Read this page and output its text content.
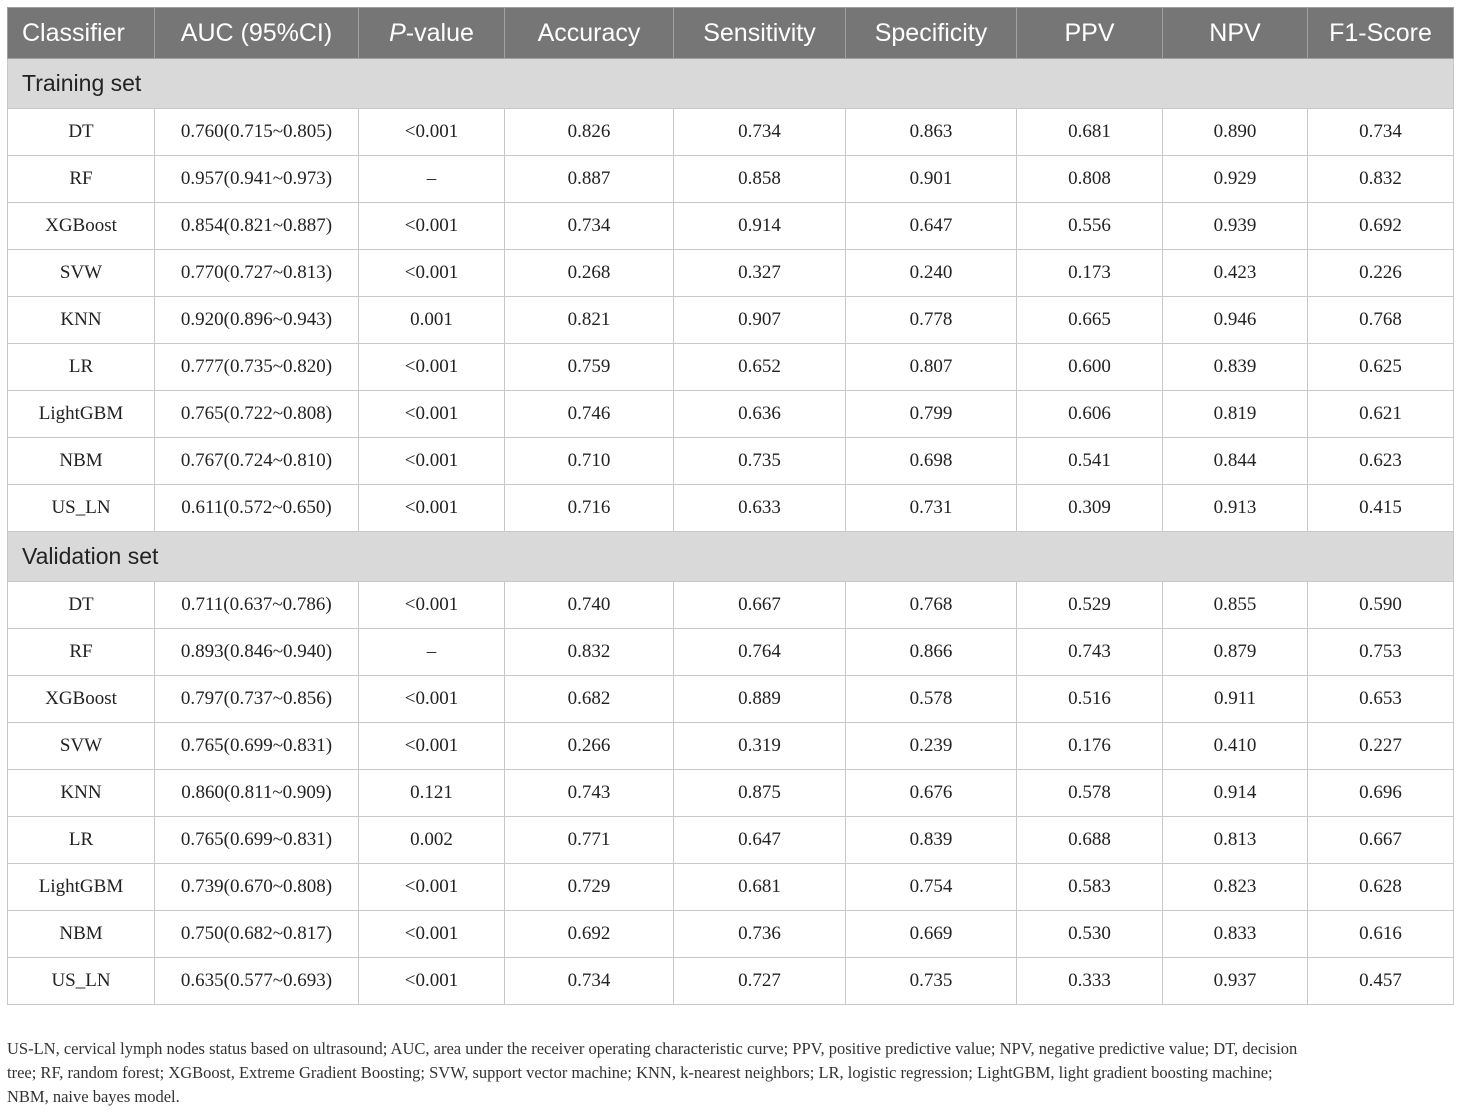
Classifier	AUC (95%CI)	P-value	Accuracy	Sensitivity	Specificity	PPV	NPV	F1-Score
Training set								
DT	0.760(0.715~0.805)	<0.001	0.826	0.734	0.863	0.681	0.890	0.734
RF	0.957(0.941~0.973)	–	0.887	0.858	0.901	0.808	0.929	0.832
XGBoost	0.854(0.821~0.887)	<0.001	0.734	0.914	0.647	0.556	0.939	0.692
SVW	0.770(0.727~0.813)	<0.001	0.268	0.327	0.240	0.173	0.423	0.226
KNN	0.920(0.896~0.943)	0.001	0.821	0.907	0.778	0.665	0.946	0.768
LR	0.777(0.735~0.820)	<0.001	0.759	0.652	0.807	0.600	0.839	0.625
LightGBM	0.765(0.722~0.808)	<0.001	0.746	0.636	0.799	0.606	0.819	0.621
NBM	0.767(0.724~0.810)	<0.001	0.710	0.735	0.698	0.541	0.844	0.623
US_LN	0.611(0.572~0.650)	<0.001	0.716	0.633	0.731	0.309	0.913	0.415
Validation set								
DT	0.711(0.637~0.786)	<0.001	0.740	0.667	0.768	0.529	0.855	0.590
RF	0.893(0.846~0.940)	–	0.832	0.764	0.866	0.743	0.879	0.753
XGBoost	0.797(0.737~0.856)	<0.001	0.682	0.889	0.578	0.516	0.911	0.653
SVW	0.765(0.699~0.831)	<0.001	0.266	0.319	0.239	0.176	0.410	0.227
KNN	0.860(0.811~0.909)	0.121	0.743	0.875	0.676	0.578	0.914	0.696
LR	0.765(0.699~0.831)	0.002	0.771	0.647	0.839	0.688	0.813	0.667
LightGBM	0.739(0.670~0.808)	<0.001	0.729	0.681	0.754	0.583	0.823	0.628
NBM	0.750(0.682~0.817)	<0.001	0.692	0.736	0.669	0.530	0.833	0.616
US_LN	0.635(0.577~0.693)	<0.001	0.734	0.727	0.735	0.333	0.937	0.457
US-LN, cervical lymph nodes status based on ultrasound; AUC, area under the receiver operating characteristic curve; PPV, positive predictive value; NPV, negative predictive value; DT, decision
tree; RF, random forest; XGBoost, Extreme Gradient Boosting; SVW, support vector machine; KNN, k-nearest neighbors; LR, logistic regression; LightGBM, light gradient boosting machine;
NBM, naive bayes model.
